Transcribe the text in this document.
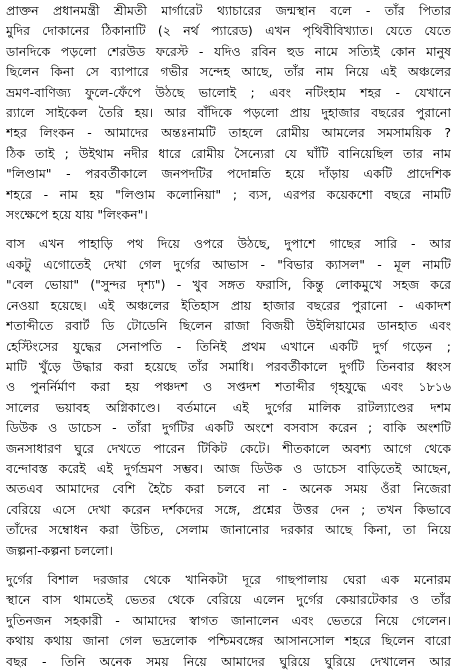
প্রাক্তন প্রধানমন্ত্রী শ্রীমতী মার্গারেট থ্যাচারের জন্মস্থান বলে - তাঁর পিতার
মুদির দোকানের ঠিকানাটি (২ নর্থ প্যারেড) এখন পৃথিবীবিখ্যাত। যেতে যেতে
ডানদিকে পড়লো শেরউড ফরেস্ট - যদিও রবিন হুড নামে সত্যিই কোন মানুষ
ছিলেন কিনা সে ব্যাপারে গভীর সন্দেহ আছে, তাঁর নাম নিয়ে এই অঞ্চলের
ভ্রমণ-বাণিজ্য ফুলে-ফেঁপে উঠছে ভালোই ; এবং নটিংহাম শহর - যেখানে
র‍্যালে সাইকেল তৈরি হয়। আর বাঁদিকে পড়লো প্রায় দুহাজার বছরের পুরানো
শহর লিংকন - আমাদের অন্তঃনামটি তাহলে রোমীয় আমলের সমসাময়িক ?
ঠিক তাই ; উইথাম নদীর ধারে রোমীয় সৈন্যেরা যে ঘাঁটি বানিয়েছিল তার নাম
"লিণ্ডাম" - পরবর্তীকালে জনপদটির পদোন্নতি হয়ে দাঁড়ায় একটি প্রাদেশিক
শহরে - নাম হয় "লিণ্ডাম কলোনিয়া" ; ব্যস, এরপর কয়েকশো বছরে নামটি
সংক্ষেপে হয়ে যায় "লিংকন"।
বাস এখন পাহাড়ি পথ দিয়ে ওপরে উঠছে, দুপাশে গাছের সারি - আর
একটু এগোতেই দেখা গেল দুর্গের আভাস - "বিভার ক্যাসল" - মূল নামটি
"বেল ভোয়া" ("সুন্দর দৃশ্য") - খুব সঙ্গত ফরাসি, কিন্তু লোকমুখে সহজ করে
নেওয়া হয়েছে। এই অঞ্চলের ইতিহাস প্রায় হাজার বছরের পুরানো - একাদশ
শতাব্দীতে রবার্ট ডি টোডেনি ছিলেন রাজা বিজয়ী উইলিয়ামের ডানহাত এবং
হেস্টিংসের যুদ্ধের সেনাপতি - তিনিই প্রথম এখানে একটি দুর্গ গড়েন ;
মাটি খুঁড়ে উদ্ধার করা হয়েছে তাঁর সমাধি। পরবর্তীকালে দুর্গটি তিনবার ধ্বংস
ও পুনর্নির্মাণ করা হয় পঞ্চদশ ও সপ্তদশ শতাব্দীর গৃহযুদ্ধে এবং ১৮১৬
সালের ভয়াবহ অগ্নিকাণ্ডে। বর্তমানে এই দুর্গের মালিক রাটল্যাণ্ডের দশম
ডিউক ও ডাচেস - তাঁরা দুর্গটির একটি অংশে বসবাস করেন ; বাকি অংশটি
জনসাধারণ ঘুরে দেখতে পারেন টিকিট কেটে। শীতকালে অবশ্য আগে থেকে
বন্দোবস্ত করেই এই দুর্গভ্রমণ সম্ভব। আজ ডিউক ও ডাচেস বাড়িতেই আছেন,
অতএব আমাদের বেশি হৈচৈ করা চলবে না - অনেক সময় ওঁরা নিজেরা
বেরিয়ে এসে দেখা করেন দর্শকদের সঙ্গে, প্রশ্নের উত্তর দেন ; তখন কিভাবে
তাঁদের সম্বোধন করা উচিত, সেলাম জানানোর দরকার আছে কিনা, তা নিয়ে
জল্পনা-কল্পনা চললো।
দুর্গের বিশাল দরজার থেকে খানিকটা দূরে গাছপালায় ঘেরা এক মনোরম
স্থানে বাস থামতেই ভেতর থেকে বেরিয়ে এলেন দুর্গের কেয়ারটেকার ও তাঁর
দুতিনজন সহকারী - আমাদের স্বাগত জানালেন এবং ভেতরে নিয়ে গেলেন।
কথায় কথায় জানা গেল ভদ্রলোক পশ্চিমবঙ্গের আসানসোল শহরে ছিলেন বারো
বছর - তিনি অনেক সময় নিয়ে আমাদের ঘুরিয়ে ঘুরিয়ে দেখালেন আর
